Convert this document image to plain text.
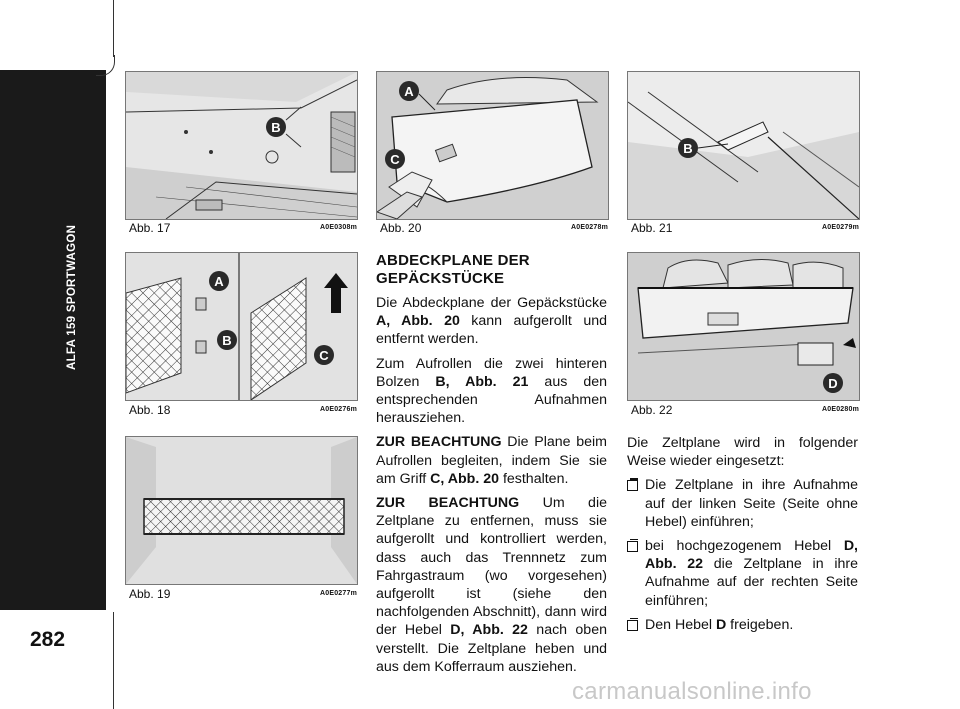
ALFA 159 SPORTWAGON
282
B
Abb. 17	A0E0308m
A
B
C
Abb. 18	A0E0276m
Abb. 19	A0E0277m
A
C
Abb. 20	A0E0278m
B
Abb. 21	A0E0279m
D
Abb. 22	A0E0280m
ABDECKPLANE DER GEPÄCKSTÜCKE

Die Abdeckplane der Gepäckstücke A, Abb. 20 kann aufgerollt und entfernt werden.

Zum Aufrollen die zwei hinteren Bolzen B, Abb. 21 aus den entsprechenden Aufnahmen herausziehen.

ZUR BEACHTUNG Die Plane beim Aufrollen begleiten, indem Sie sie am Griff C, Abb. 20 festhalten.

ZUR BEACHTUNG Um die Zeltplane zu entfernen, muss sie aufgerollt und kontrolliert werden, dass auch das Trennnetz zum Fahrgastraum (wo vorgesehen) aufgerollt ist (siehe den nachfolgenden Abschnitt), dann wird der Hebel D, Abb. 22 nach oben verstellt. Die Zeltplane heben und aus dem Kofferraum ausziehen.

Die Zeltplane wird in folgender Weise wieder eingesetzt:

Die Zeltplane in ihre Aufnahme auf der linken Seite (Seite ohne Hebel) einführen;
bei hochgezogenem Hebel D, Abb. 22 die Zeltplane in ihre Aufnahme auf der rechten Seite einführen;
Den Hebel D freigeben.
carmanualsonline.info
